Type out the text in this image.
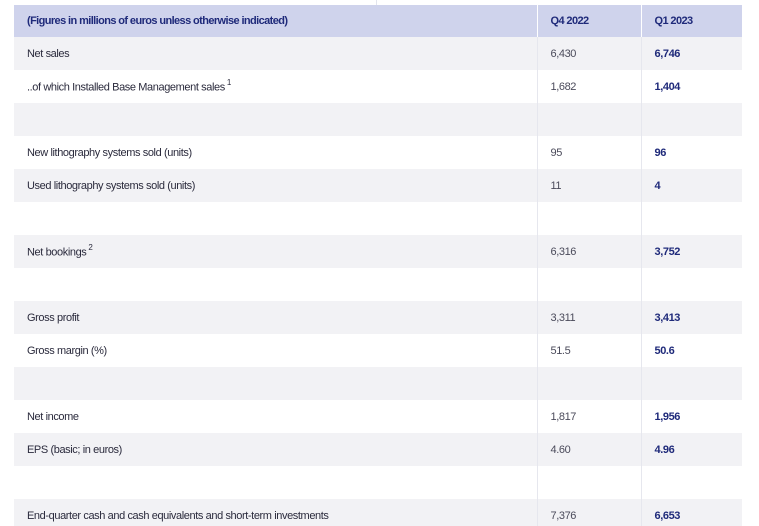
(Figures in millions of euros unless otherwise indicated)	Q4 2022	Q1 2023
Net sales	6,430	6,746
..of which Installed Base Management sales $^1$	1,682	1,404

New lithography systems sold (units)	95	96
Used lithography systems sold (units)	11	4

Net bookings $^2$	6,316	3,752

Gross profit	3,311	3,413
Gross margin (%)	51.5	50.6

Net income	1,817	1,956
EPS (basic; in euros)	4.60	4.96

End-quarter cash and cash equivalents and short-term investments	7,376	6,653
